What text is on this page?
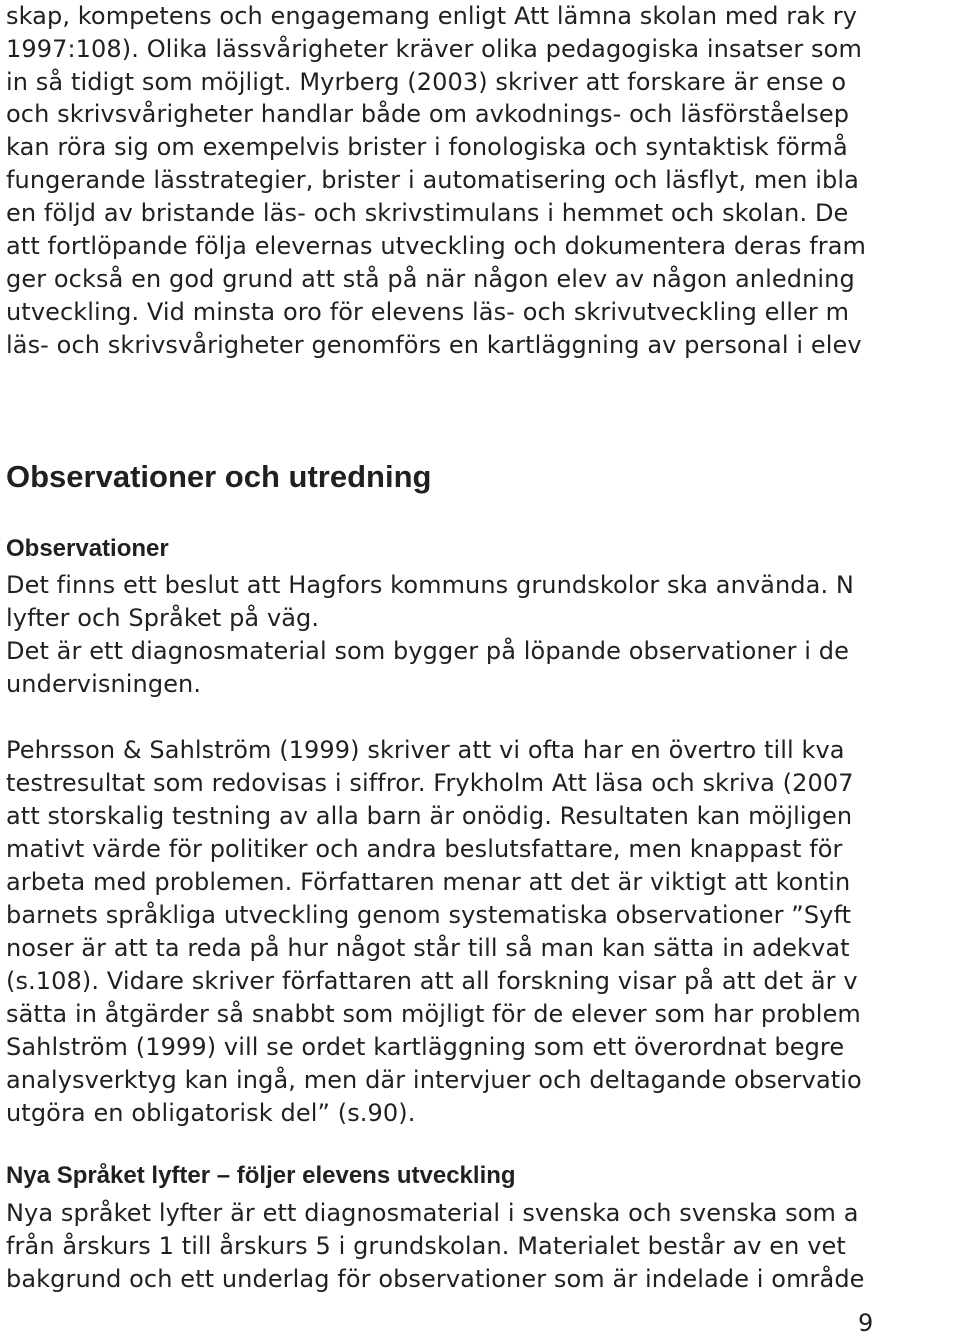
skap, kompetens och engagemang enligt Att lämna skolan med rak ry
1997:108). Olika lässvårigheter kräver olika pedagogiska insatser som
in så tidigt som möjligt. Myrberg (2003) skriver att forskare är ense o
och skrivsvårigheter handlar både om avkodnings- och läsförståelsep
kan röra sig om exempelvis brister i fonologiska och syntaktisk förmå
fungerande lässtrategier, brister i automatisering och läsflyt, men ibla
en följd av bristande läs- och skrivstimulans i hemmet och skolan. De
att fortlöpande följa elevernas utveckling och dokumentera deras fram
ger också en god grund att stå på när någon elev av någon anledning
utveckling. Vid minsta oro för elevens läs- och skrivutveckling eller m
läs- och skrivsvårigheter genomförs en kartläggning av personal i elev
Observationer och utredning
Observationer
Det finns ett beslut att Hagfors kommuns grundskolor ska använda. N
lyfter och Språket på väg.
Det är ett diagnosmaterial som bygger på löpande observationer i de
undervisningen.
Pehrsson & Sahlström (1999) skriver att vi ofta har en övertro till kva
testresultat som redovisas i siffror. Frykholm Att läsa och skriva (2007
att storskalig testning av alla barn är onödig. Resultaten kan möjligen
mativt värde för politiker och andra beslutsfattare, men knappast för
arbeta med problemen. Författaren menar att det är viktigt att kontin
barnets språkliga utveckling genom systematiska observationer ”Syft
noser är att ta reda på hur något står till så man kan sätta in adekvat
(s.108). Vidare skriver författaren att all forskning visar på att det är v
sätta in åtgärder så snabbt som möjligt för de elever som har problem
Sahlström (1999) vill se ordet kartläggning som ett överordnat begre
analysverktyg kan ingå, men där intervjuer och deltagande observatio
utgöra en obligatorisk del” (s.90).
Nya Språket lyfter – följer elevens utveckling
Nya språket lyfter är ett diagnosmaterial i svenska och svenska som a
från årskurs 1 till årskurs 5 i grundskolan. Materialet består av en vet
bakgrund och ett underlag för observationer som är indelade i område
9
